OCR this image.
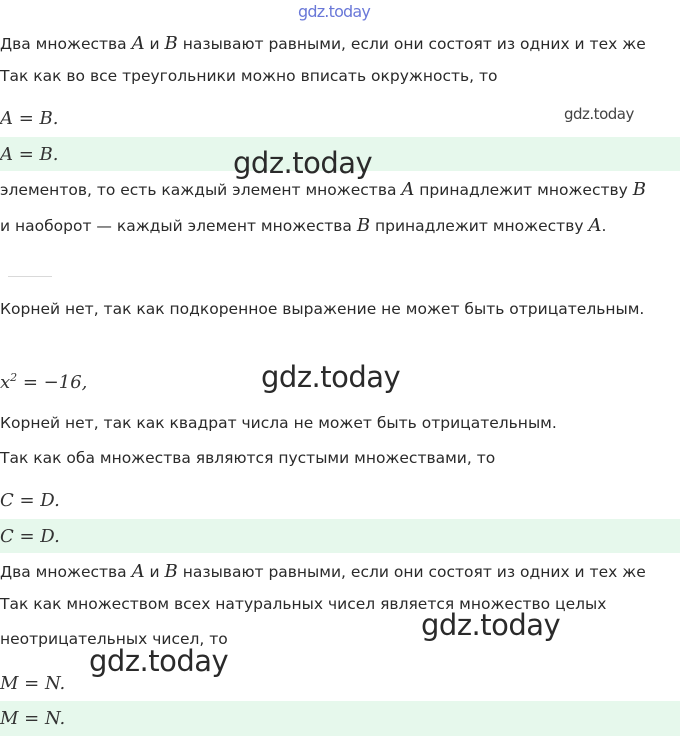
Два множества A и B называют равными, если они состоят из одних и тех же
Так как во все треугольники можно вписать окружность, то
A = B.
A = B.
элементов, то есть каждый элемент множества A принадлежит множеству B
и наоборот — каждый элемент множества B принадлежит множеству A.
Корней нет, так как подкоренное выражение не может быть отрицательным.
$x^2 = -16$,
Корней нет, так как квадрат числа не может быть отрицательным.
Так как оба множества являются пустыми множествами, то
C = D.
C = D.
Два множества A и B называют равными, если они состоят из одних и тех же
Так как множеством всех натуральных чисел является множество целых
неотрицательных чисел, то
M = N.
M = N.
gdz.today
gdz.today
gdz.today
gdz.today
gdz.today
gdz.today
